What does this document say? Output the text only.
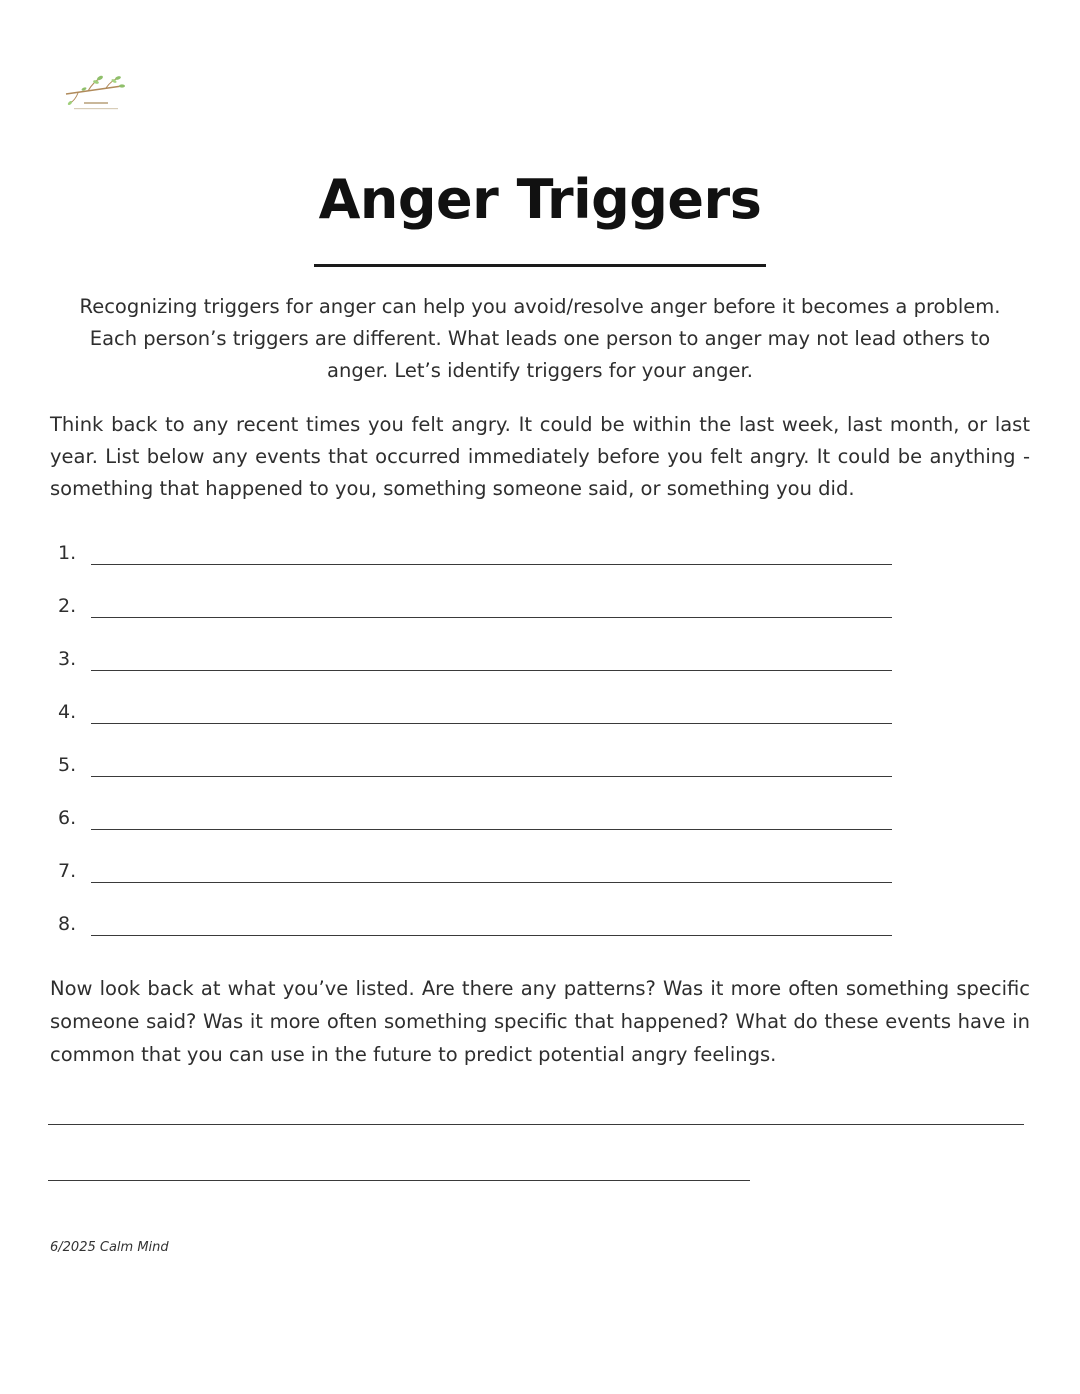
Anger Triggers

Recognizing triggers for anger can help you avoid/resolve anger before it becomes a problem.
Each person’s triggers are different. What leads one person to anger may not lead others to
anger. Let’s identify triggers for your anger.

Think back to any recent times you felt angry. It could be within the last week, last month, or last year. List below any events that occurred immediately before you felt angry. It could be anything - something that happened to you, something someone said, or something you did.

1.
2.
3.
4.
5.
6.
7.
8.

Now look back at what you’ve listed. Are there any patterns? Was it more often something specific someone said? Was it more often something specific that happened? What do these events have in common that you can use in the future to predict potential angry feelings.

6/2025 Calm Mind
